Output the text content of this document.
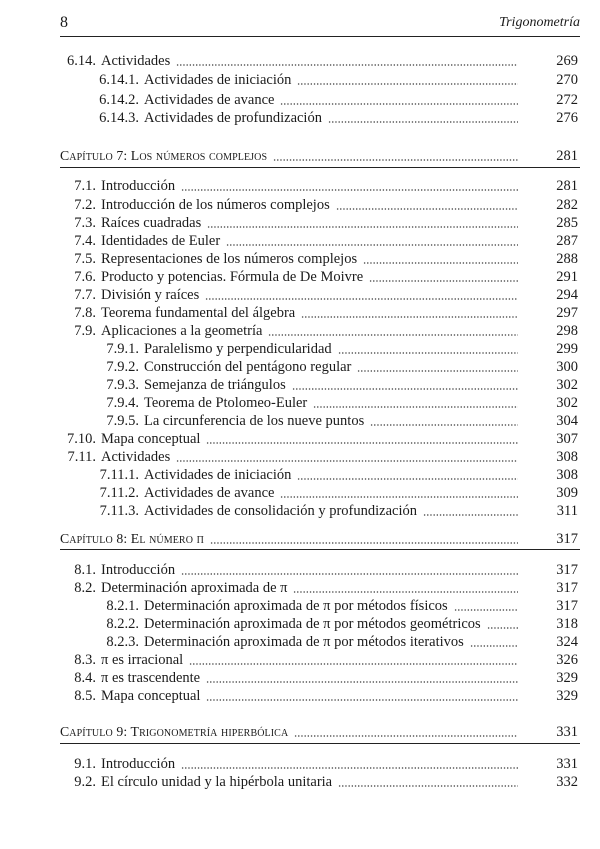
8	Trigonometría
6.14. Actividades	269
6.14.1. Actividades de iniciación	270
6.14.2. Actividades de avance	272
6.14.3. Actividades de profundización	276
Capítulo 7: Los números complejos	281
7.1. Introducción	281
7.2. Introducción de los números complejos	282
7.3. Raíces cuadradas	285
7.4. Identidades de Euler	287
7.5. Representaciones de los números complejos	288
7.6. Producto y potencias. Fórmula de De Moivre	291
7.7. División y raíces	294
7.8. Teorema fundamental del álgebra	297
7.9. Aplicaciones a la geometría	298
7.9.1. Paralelismo y perpendicularidad	299
7.9.2. Construcción del pentágono regular	300
7.9.3. Semejanza de triángulos	302
7.9.4. Teorema de Ptolomeo-Euler	302
7.9.5. La circunferencia de los nueve puntos	304
7.10. Mapa conceptual	307
7.11. Actividades	308
7.11.1. Actividades de iniciación	308
7.11.2. Actividades de avance	309
7.11.3. Actividades de consolidación y profundización	311
Capítulo 8: El número π	317
8.1. Introducción	317
8.2. Determinación aproximada de π	317
8.2.1. Determinación aproximada de π por métodos físicos	317
8.2.2. Determinación aproximada de π por métodos geométricos	318
8.2.3. Determinación aproximada de π por métodos iterativos	324
8.3. π es irracional	326
8.4. π es trascendente	329
8.5. Mapa conceptual	329
Capítulo 9: Trigonometría hiperbólica	331
9.1. Introducción	331
9.2. El círculo unidad y la hipérbola unitaria	332
